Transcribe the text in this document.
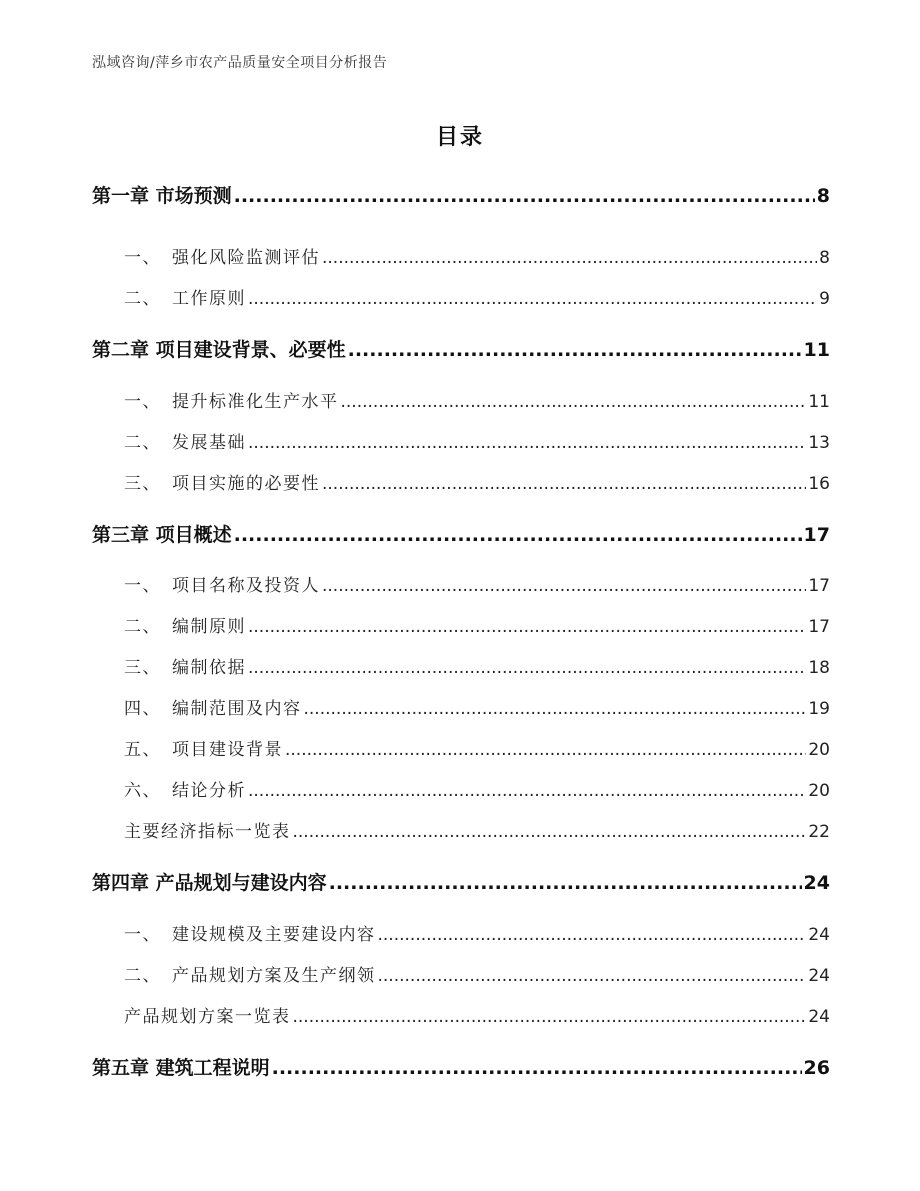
泓域咨询/萍乡市农产品质量安全项目分析报告
目录
第一章 市场预测 .....	8
一、 强化风险监测评估 .....	8
二、 工作原则 .....	9
第二章 项目建设背景、必要性 .....	11
一、 提升标准化生产水平 .....	11
二、 发展基础 .....	13
三、 项目实施的必要性 .....	16
第三章 项目概述 .....	17
一、 项目名称及投资人 .....	17
二、 编制原则 .....	17
三、 编制依据 .....	18
四、 编制范围及内容 .....	19
五、 项目建设背景 .....	20
六、 结论分析 .....	20
主要经济指标一览表 .....	22
第四章 产品规划与建设内容 .....	24
一、 建设规模及主要建设内容 .....	24
二、 产品规划方案及生产纲领 .....	24
产品规划方案一览表 .....	24
第五章 建筑工程说明 .....	26
